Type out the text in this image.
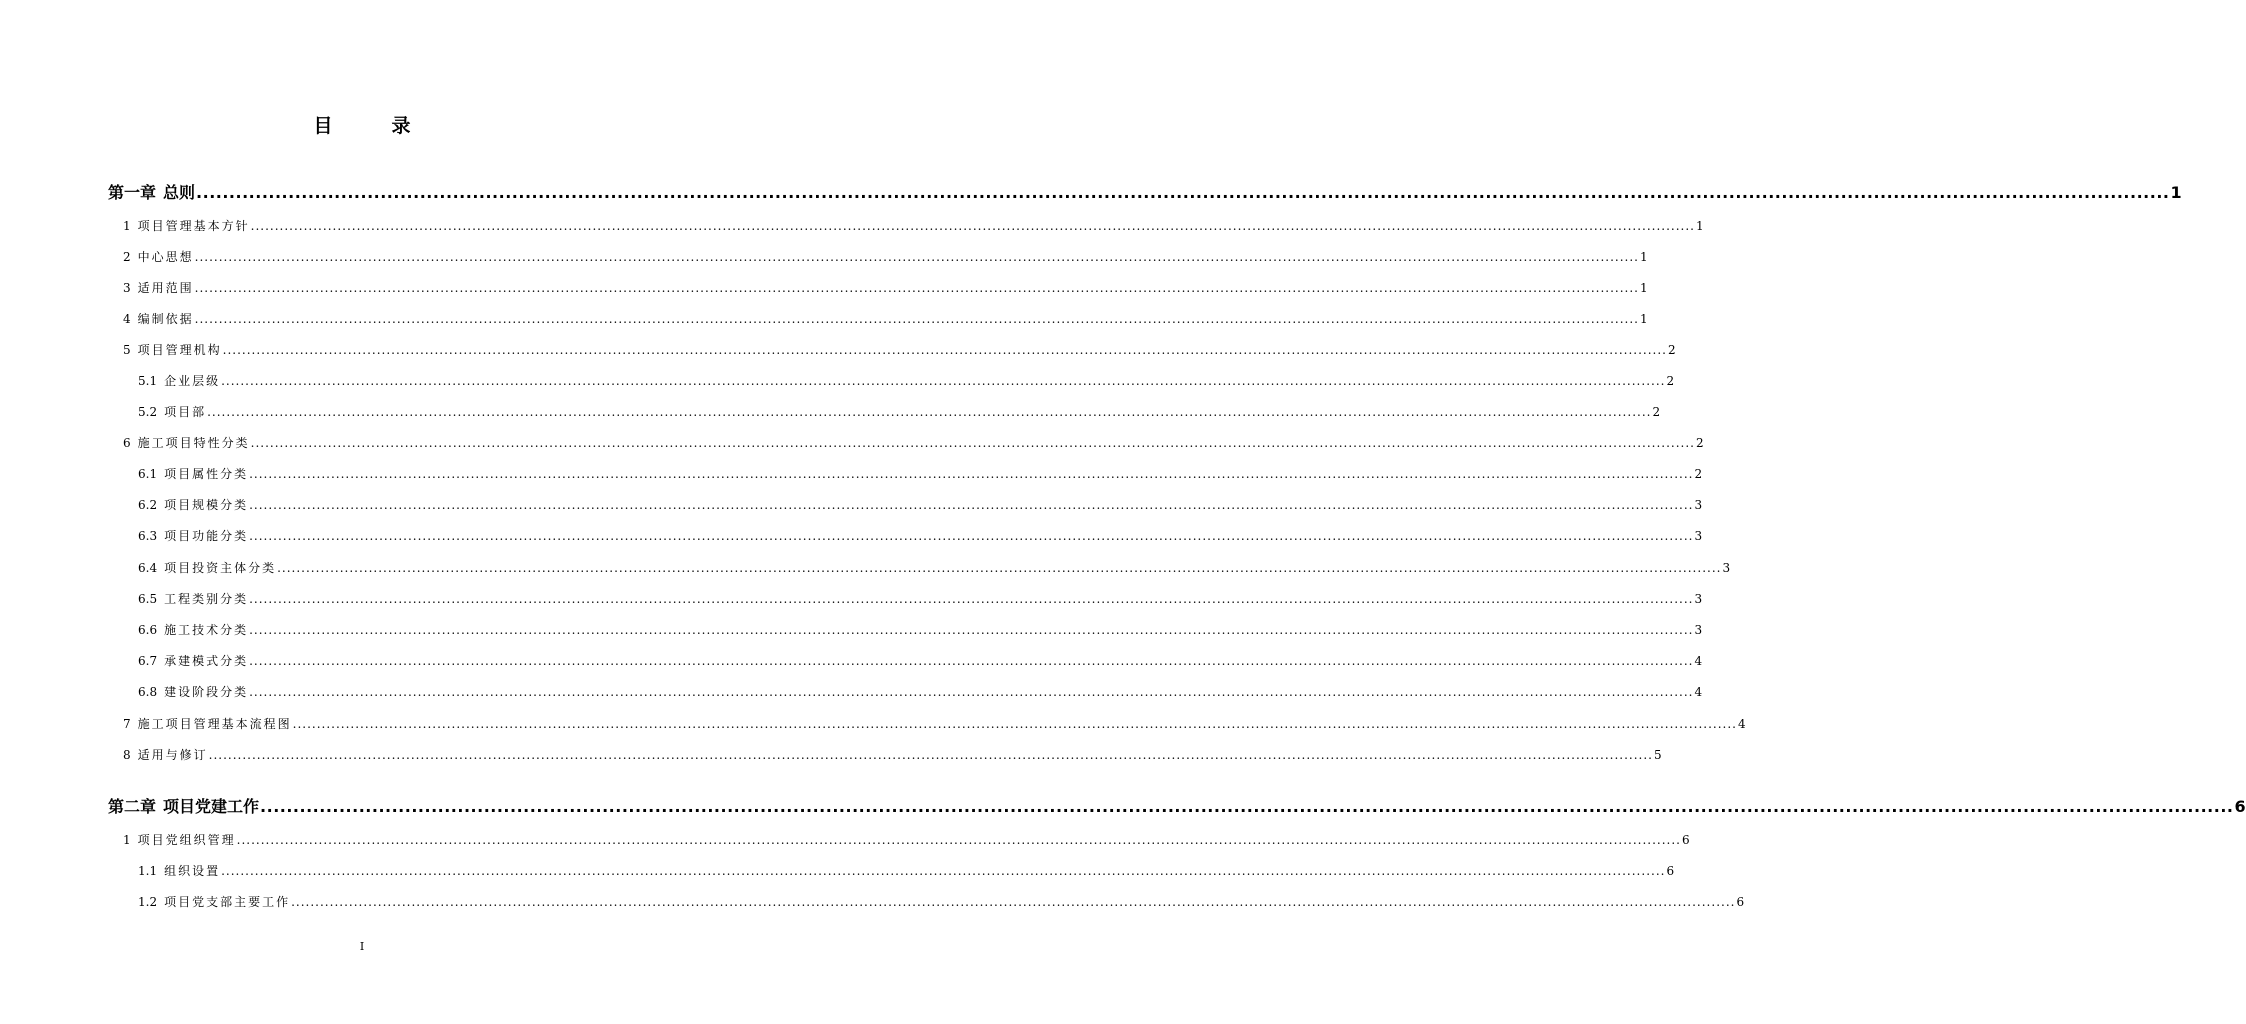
目　录
第一章 总则 ............................................................................................................................................................................................................................................................................................................ 1
1 项目管理基本方针 ............................................................................................................................................................................................................................................................................................................ 1
2 中心思想 ............................................................................................................................................................................................................................................................................................................ 1
3 适用范围 ............................................................................................................................................................................................................................................................................................................ 1
4 编制依据 ............................................................................................................................................................................................................................................................................................................ 1
5 项目管理机构 ............................................................................................................................................................................................................................................................................................................ 2
5.1 企业层级 ............................................................................................................................................................................................................................................................................................................ 2
5.2 项目部 ............................................................................................................................................................................................................................................................................................................ 2
6 施工项目特性分类 ............................................................................................................................................................................................................................................................................................................ 2
6.1 项目属性分类 ............................................................................................................................................................................................................................................................................................................ 2
6.2 项目规模分类 ............................................................................................................................................................................................................................................................................................................ 3
6.3 项目功能分类 ............................................................................................................................................................................................................................................................................................................ 3
6.4 项目投资主体分类 ............................................................................................................................................................................................................................................................................................................ 3
6.5 工程类别分类 ............................................................................................................................................................................................................................................................................................................ 3
6.6 施工技术分类 ............................................................................................................................................................................................................................................................................................................ 3
6.7 承建模式分类 ............................................................................................................................................................................................................................................................................................................ 4
6.8 建设阶段分类 ............................................................................................................................................................................................................................................................................................................ 4
7 施工项目管理基本流程图 ............................................................................................................................................................................................................................................................................................................ 4
8 适用与修订 ............................................................................................................................................................................................................................................................................................................ 5
第二章 项目党建工作 ............................................................................................................................................................................................................................................................................................................ 6
1 项目党组织管理 ............................................................................................................................................................................................................................................................................................................ 6
1.1 组织设置 ............................................................................................................................................................................................................................................................................................................ 6
1.2 项目党支部主要工作 ............................................................................................................................................................................................................................................................................................................ 6
I
